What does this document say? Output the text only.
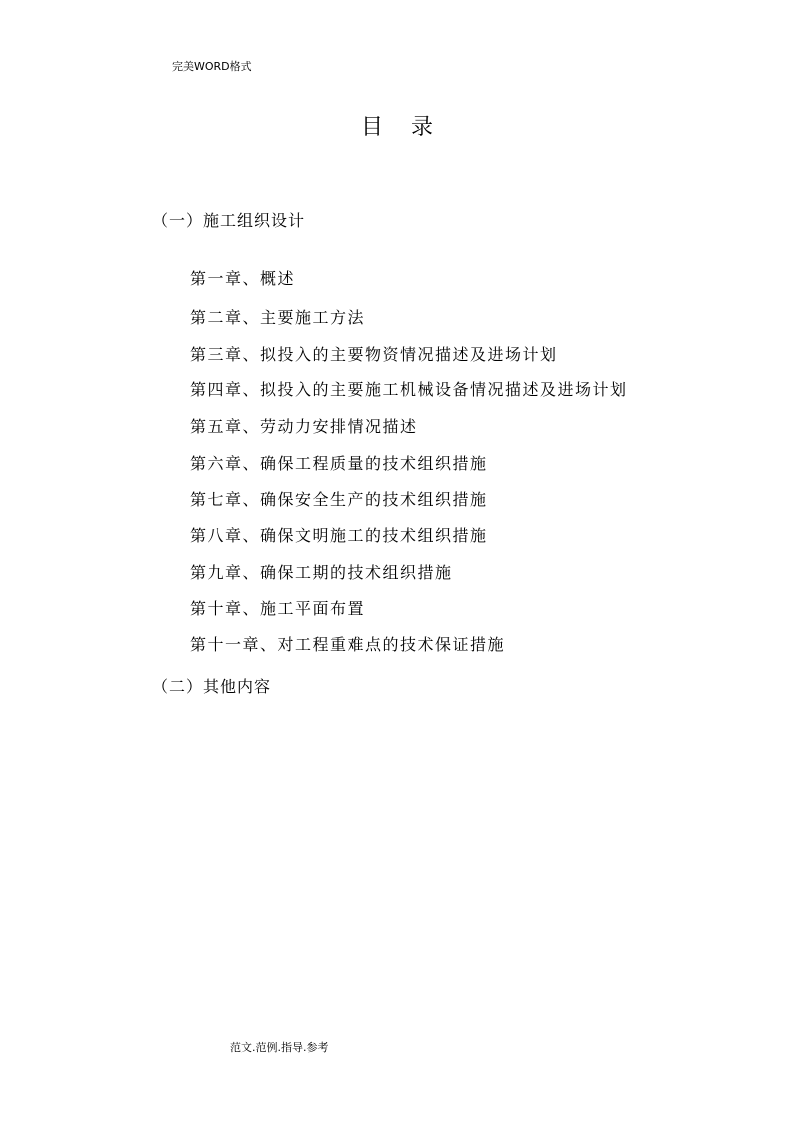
完美WORD格式
目    录
（一）施工组织设计
第一章、概述
第二章、主要施工方法
第三章、拟投入的主要物资情况描述及进场计划
第四章、拟投入的主要施工机械设备情况描述及进场计划
第五章、劳动力安排情况描述
第六章、确保工程质量的技术组织措施
第七章、确保安全生产的技术组织措施
第八章、确保文明施工的技术组织措施
第九章、确保工期的技术组织措施
第十章、施工平面布置
第十一章、对工程重难点的技术保证措施
（二）其他内容
范文.范例.指导.参考
